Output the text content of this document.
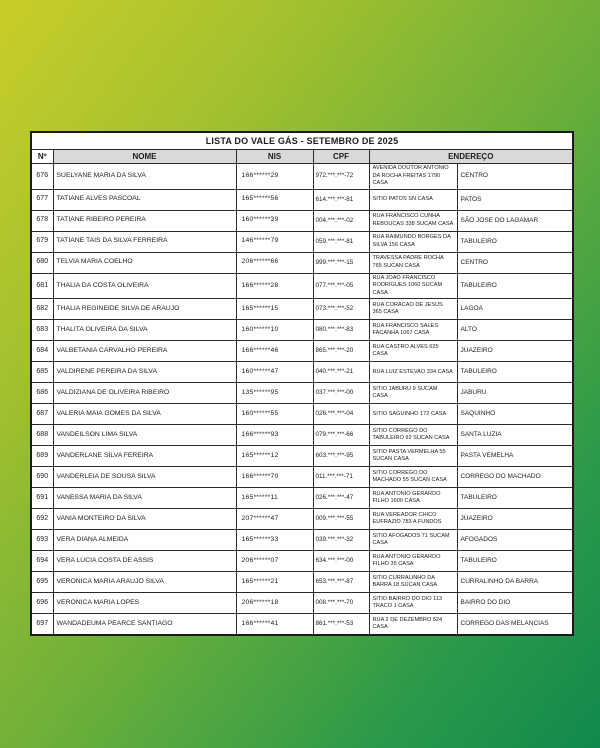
LISTA DO VALE GÁS - SETEMBRO DE 2025					
Nº	NOME	NIS	CPF	ENDEREÇO	
676	SUELYANE MARIA DA SILVA	166******29	972.***.***-72	AVENIDA DOUTOR ANTONIO DA ROCHA FREITAS 1790 CASA	CENTRO
677	TATIANE ALVES PASCOAL	165******56	614.***.***-81	SITIO PATOS SN CASA	PATOS
678	TATIANE RIBEIRO PEREIRA	160******39	004.***.***-02	RUA FRANCISCO CUNHA REBOUCAS 338 SUCAM CASA	SÃO JOSE DO LAGAMAR
679	TATIANE TAIS DA SILVA FERREIRA	146******79	059.***.***-81	RUA RAIMUNDO BORGES DA SILVA 156 CASA	TABULEIRO
680	TELVIA MARIA COELHO	206******66	999.***.***-15	TRAVESSA PADRE ROCHA 765 SUCAN CASA	CENTRO
681	THALIA DA COSTA OLIVEIRA	166******28	077.***.***-05	RUA JOAO FRANCISCO RODRIGUES 1060 SUCAM CASA	TABULEIRO
682	THALIA REGINEIDE SILVA DE ARAUJO	165******15	073.***.***-52	RUA CORACAO DE JESUS 365 CASA	LAGOA
683	THALITA OLIVEIRA DA SILVA	160******10	080.***.***-83	RUA FRANCISCO SALES FACANHA 1067 CASA	ALTO
684	VALBETANIA CARVALHO PEREIRA	166******46	865.***.***-20	RUA CASTRO ALVES 625 CASA	JUAZEIRO
685	VALDIRENE PEREIRA DA SILVA	160******47	040.***.***-21	RUA LUIZ ESTEVAO 334 CASA	TABULEIRO
686	VALDIZIANA DE OLIVEIRA RIBEIRO	135******95	037.***.***-00	SITIO JABURU 9 SUCAM CASA	JABURU
687	VALERIA MAIA GOMES DA SILVA	160******55	026.***.***-04	SITIO SAGUINHO 172 CASA	SAQUINHO
688	VANDEILSON LIMA SILVA	166******93	079.***.***-66	SITIO CORREGO DO TABULEIRO 92 SUCAN CASA	SANTA LUZIA
689	VANDERLANE SILVA FEREIRA	165******12	603.***.***-95	SITIO PASTA VERMELHA 55 SUCAN CASA	PASTA VEMELHA
690	VANDERLEIA DE SOUSA SILVA	166******70	011.***.***-71	SITIO CORREGO DO MACHADO 55 SUCAN CASA	CORREGO DO MACHADO
691	VANESSA MARIA DA SILVA	165******11	026.***.***-47	RUA ANTONIO GERARDO FILHO 1600 CASA	TABULEIRO
692	VANIA MONTEIRO DA SILVA	207******47	009.***.***-55	RUA VEREADOR CHICO EUFRAZIO 783 A FUNDOS	JUAZEIRO
693	VERA DIANA ALMEIDA	165******33	039.***.***-32	SITIO AFOGADOS 71 SUCAM CASA	AFOGADOS
694	VERA LUCIA COSTA DE ASSIS	206******07	634.***.***-00	RUA ANTONIO GERARDO FILHO 35 CASA	TABULEIRO
695	VERONICA MARIA ARAUJO SILVA	165******21	653.***.***-87	SITIO CURRALINHO DA BARRA 18 SUCAN CASA	CURRALINHO DA BARRA
696	VERONICA MARIA LOPES	206******18	008.***.***-70	SITIO BAIRRO DO DIO 113 TRACO 1 CASA	BAIRRO DO DIO
697	WANDADEUMA PEARCE SANTIAGO	166******41	861.***.***-53	RUA 2 DE DEZEMBRO 524 CASA	CORREGO DAS MELANCIAS
